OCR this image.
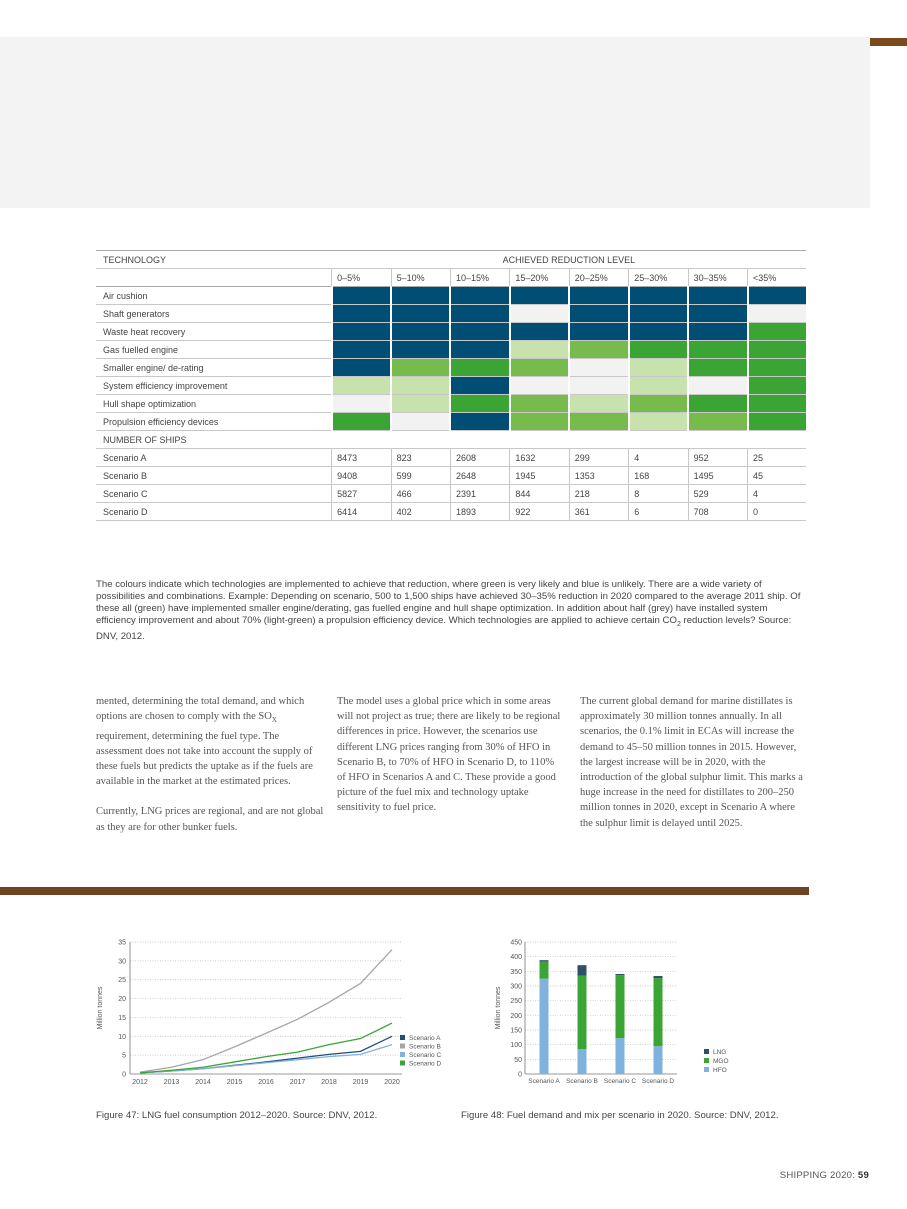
TECHNOLOGY	ACHIEVED REDUCTION LEVEL							
	0–5%	5–10%	10–15%	15–20%	20–25%	25–30%	30–35%	<35%
Air cushion								
Shaft generators								
Waste heat recovery								
Gas fuelled engine								
Smaller engine/ de-rating								
System efficiency improvement								
Hull shape optimization								
Propulsion efficiency devices								
NUMBER OF SHIPS								
Scenario A	8473	823	2608	1632	299	4	952	25
Scenario B	9408	599	2648	1945	1353	168	1495	45
Scenario C	5827	466	2391	844	218	8	529	4
Scenario D	6414	402	1893	922	361	6	708	0

The colours indicate which technologies are implemented to achieve that reduction, where green is very likely and blue is unlikely. There are a wide variety of possibilities and combinations. Example: Depending on scenario, 500 to 1,500 ships have achieved 30–35% reduction in 2020 compared to the average 2011 ship. Of these all (green) have implemented smaller engine/derating, gas fuelled engine and hull shape optimization. In addition about half (grey) have installed system efficiency improvement and about 70% (light-green) a propulsion efficiency device. Which technologies are applied to achieve certain $CO_2$ reduction levels? Source: DNV, 2012.

mented, determining the total demand, and which options are chosen to comply with the $SO_X$ requirement, determining the fuel type. The assessment does not take into account the supply of these fuels but predicts the uptake as if the fuels are available in the market at the estimated prices.

Currently, LNG prices are regional, and are not global as they are for other bunker fuels.

The model uses a global price which in some areas will not project as true; there are likely to be regional differences in price. However, the scenarios use different LNG prices ranging from 30% of HFO in Scenario B, to 70% of HFO in Scenario D, to 110% of HFO in Scenarios A and C. These provide a good picture of the fuel mix and technology uptake sensitivity to fuel price.

The current global demand for marine distillates is approximately 30 million tonnes annually. In all scenarios, the 0.1% limit in ECAs will increase the demand to 45–50 million tonnes in 2015. However, the largest increase will be in 2020, with the introduction of the global sulphur limit. This marks a huge increase in the need for distillates to 200–250 million tonnes in 2020, except in Scenario A where the sulphur limit is delayed until 2025.

0
5
10
15
20
25
30
35
2012 2013 2014 2015 2016 2017 2018 2019 2020
Million tonnes
Scenario A
Scenario B
Scenario C
Scenario D
0
50
100
150
200
250
300
350
400
450
Million tonnes
Scenario A Scenario B Scenario C Scenario D
LNG
MGO
HFO
Figure 47: LNG fuel consumption 2012–2020. Source: DNV, 2012.	Figure 48: Fuel demand and mix per scenario in 2020. Source: DNV, 2012.
SHIPPING 2020: 59
